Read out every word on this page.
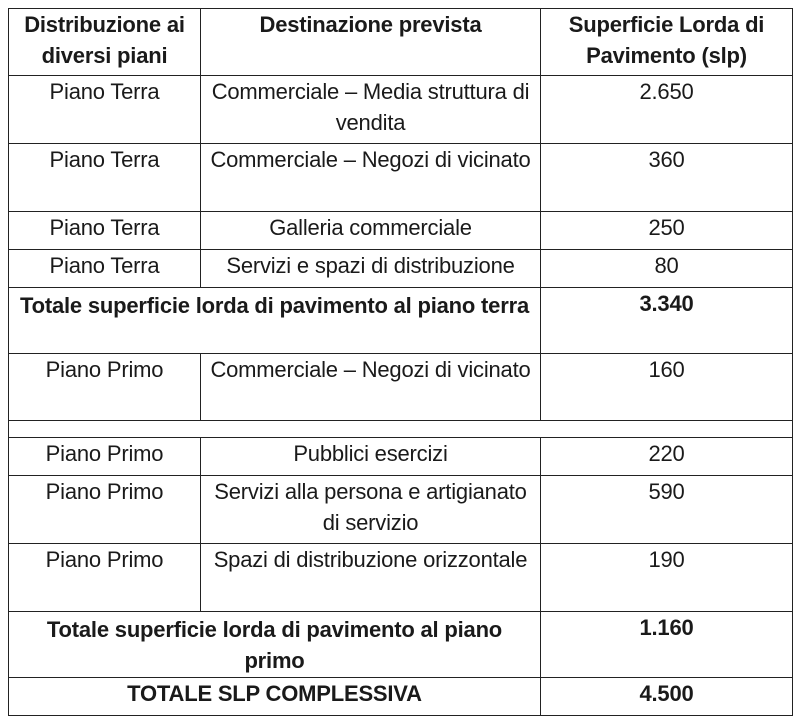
Distribuzione ai diversi piani	Destinazione prevista	Superficie Lorda di Pavimento (slp)
Piano Terra	Commerciale – Media struttura di vendita	2.650
Piano Terra	Commerciale – Negozi di vicinato	360
Piano Terra	Galleria commerciale	250
Piano Terra	Servizi e spazi di distribuzione	80
Totale superficie lorda di pavimento al piano terra		3.340
Piano Primo	Commerciale – Negozi di vicinato	160

Piano Primo	Pubblici esercizi	220
Piano Primo	Servizi alla persona e artigianato di servizio	590
Piano Primo	Spazi di distribuzione orizzontale	190
Totale superficie lorda di pavimento al piano primo		1.160
TOTALE SLP COMPLESSIVA		4.500
